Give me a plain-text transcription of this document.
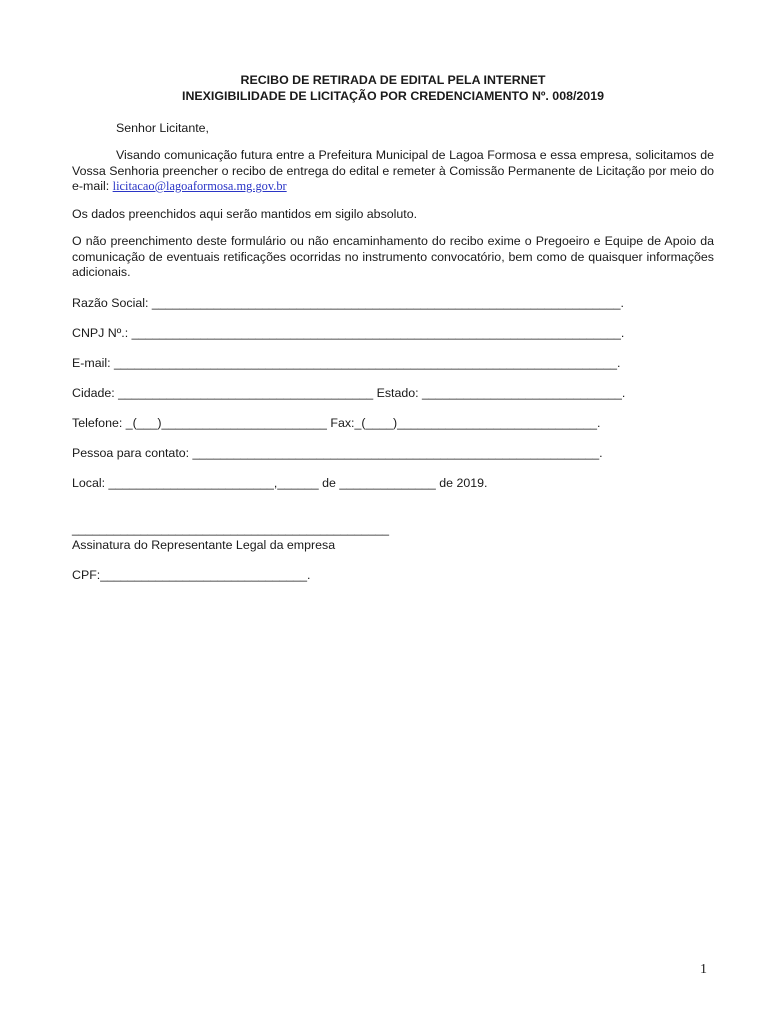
RECIBO DE RETIRADA DE EDITAL PELA INTERNET

INEXIGIBILIDADE DE LICITAÇÃO POR CREDENCIAMENTO Nº. 008/2019

Senhor Licitante,
Visando comunicação futura entre a Prefeitura Municipal de Lagoa Formosa e essa empresa, solicitamos de Vossa Senhoria preencher o recibo de entrega do edital e remeter à Comissão Permanente de Licitação por meio do e-mail: licitacao@lagoaformosa.mg.gov.br
Os dados preenchidos aqui serão mantidos em sigilo absoluto.
O não preenchimento deste formulário ou não encaminhamento do recibo exime o Pregoeiro e Equipe de Apoio da comunicação de eventuais retificações ocorridas no instrumento convocatório, bem como de quaisquer informações adicionais.
Razão Social: ____________________________________________________________________.
CNPJ Nº.: _______________________________________________________________________.
E-mail: _________________________________________________________________________.
Cidade: _____________________________________ Estado: _____________________________.
Telefone: _(___)________________________ Fax:_(____)_____________________________.
Pessoa para contato: ___________________________________________________________.
Local: ________________________,______ de ______________ de 2019.
______________________________________________
Assinatura do Representante Legal da empresa
CPF:______________________________.
1
